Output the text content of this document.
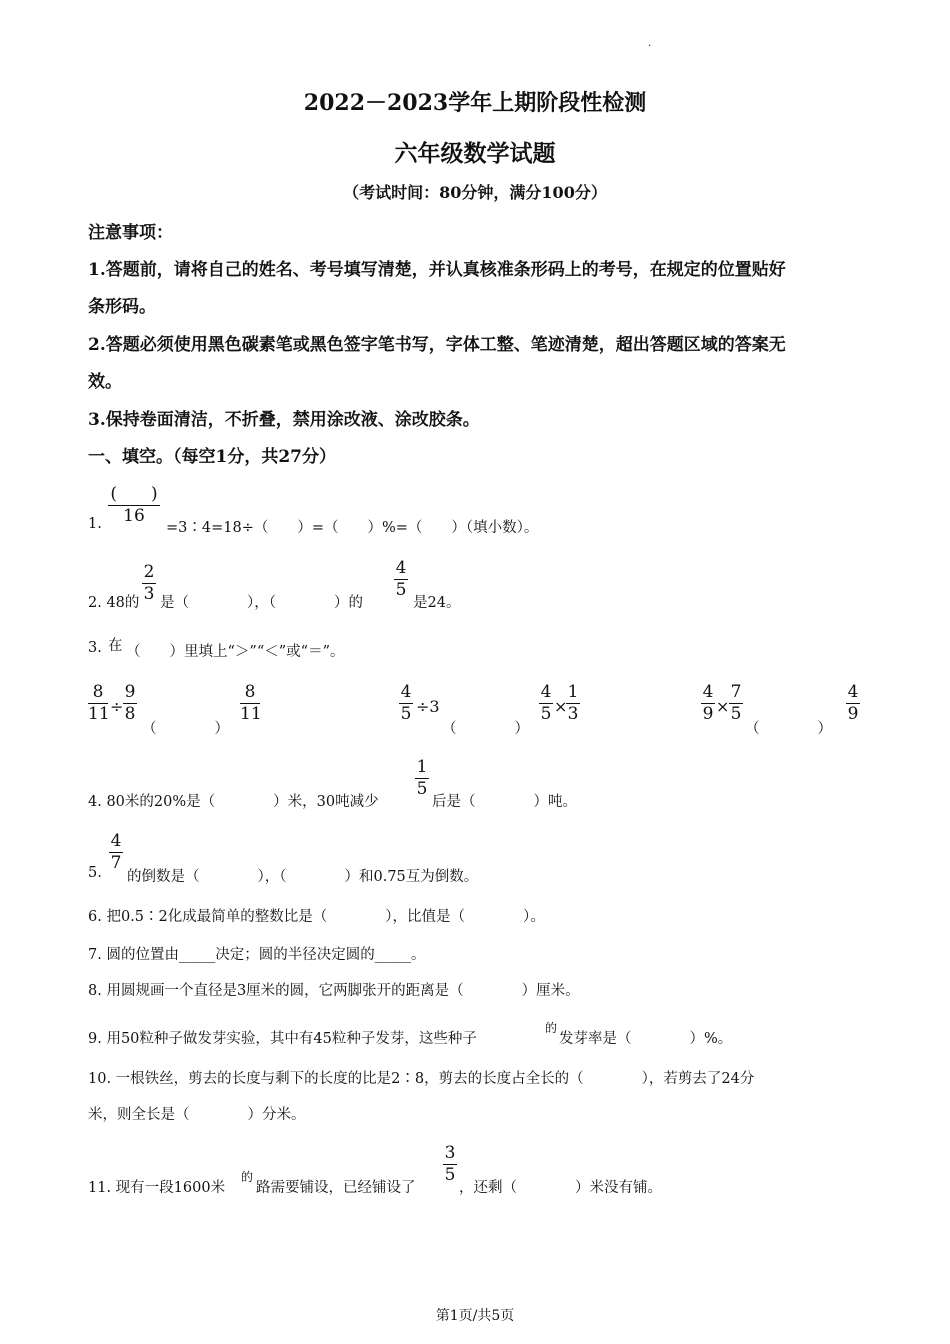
.
2022－2023学年上期阶段性检测
六年级数学试题
（考试时间：80分钟，满分100分）
注意事项：
1.答题前，请将自己的姓名、考号填写清楚，并认真核准条形码上的考号，在规定的位置贴好
条形码。
2.答题必须使用黑色碳素笔或黑色签字笔书写，字体工整、笔迹清楚，超出答题区域的答案无
效。
3.保持卷面清洁，不折叠，禁用涂改液、涂改胶条。
一、填空。（每空1分，共27分）
1.
(　　)
16
=3∶4=18÷（　　）=（　　）%=（　　）（填小数）。
2. 48的
2
3 是（　　　　），（　　　　）的
4
5
是24。
3. 在 （　　）里填上“＞”“＜”或“＝”。
8
11 ÷
9
8
（　　　　）
8
11
4
5 ÷3
（　　　　）
4
5 ×
1
3
4
9 ×
7
5
（　　　　）
4
9
4. 80米的20%是（　　　　）米，30吨减少
1
5
后是（　　　　）吨。
5.
4
7
的倒数是（　　　　），（　　　　）和0.75互为倒数。
6. 把0.5∶2化成最简单的整数比是（　　　　），比值是（　　　　）。
7. 圆的位置由_____决定；圆的半径决定圆的_____。
8. 用圆规画一个直径是3厘米的圆，它两脚张开的距离是（　　　　）厘米。
9. 用50粒种子做发芽实验，其中有45粒种子发芽，这些种子
的
发芽率是（　　　　）%。
10. 一根铁丝，剪去的长度与剩下的长度的比是2∶8，剪去的长度占全长的（　　　　），若剪去了24分
米，则全长是（　　　　）分米。
11. 现有一段1600米
的
路需要铺设，已经铺设了
3
5
，还剩（　　　　）米没有铺。
第1页/共5页
